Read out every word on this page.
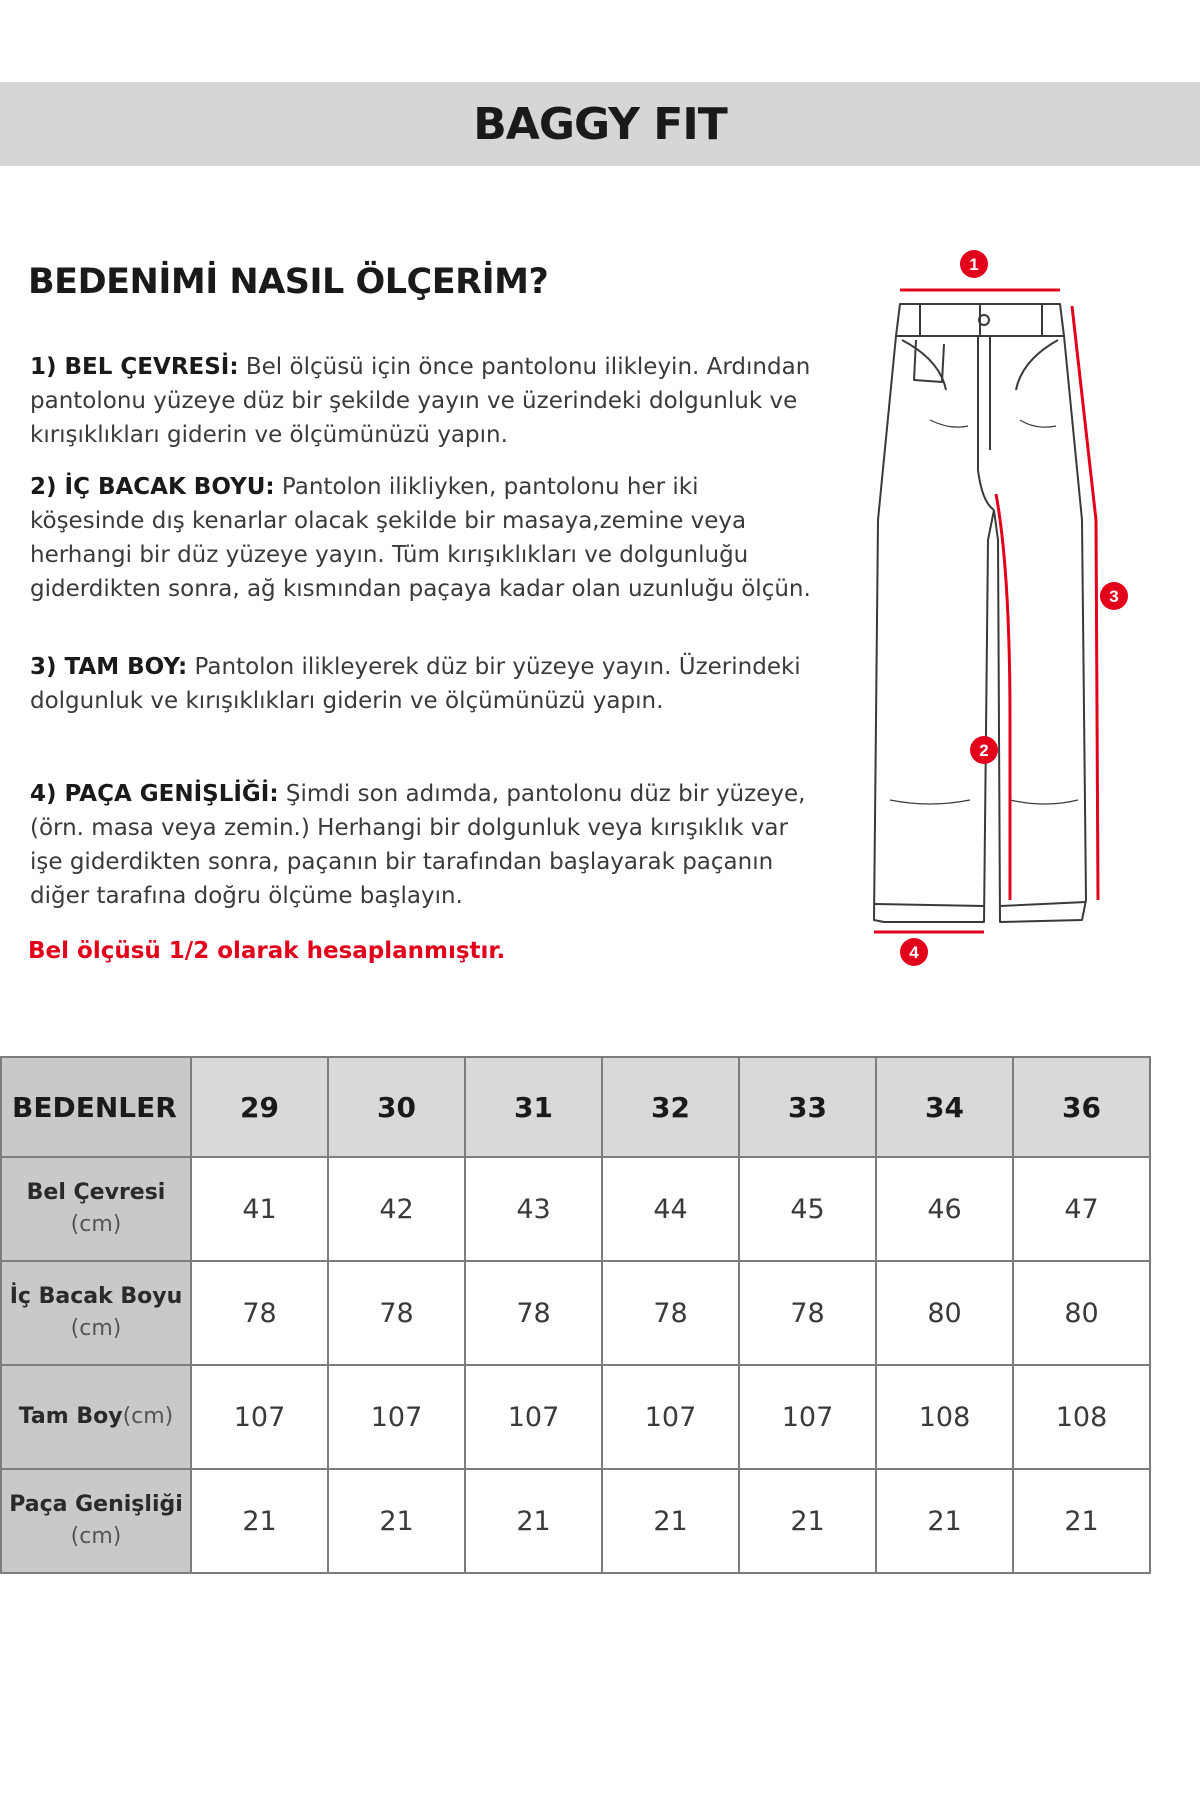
BAGGY FIT
BEDENİMİ NASIL ÖLÇERİM?

1) BEL ÇEVRESİ: Bel ölçüsü için önce pantolonu ilikleyin. Ardından pantolonu yüzeye düz bir şekilde yayın ve üzerindeki dolgunluk ve kırışıklıkları giderin ve ölçümünüzü yapın.

2) İÇ BACAK BOYU: Pantolon ilikliyken, pantolonu her iki köşesinde dış kenarlar olacak şekilde bir masaya,zemine veya herhangi bir düz yüzeye yayın. Tüm kırışıklıkları ve dolgunluğu giderdikten sonra, ağ kısmından paçaya kadar olan uzunluğu ölçün.

3) TAM BOY: Pantolon ilikleyerek düz bir yüzeye yayın. Üzerindeki dolgunluk ve kırışıklıkları giderin ve ölçümünüzü yapın.

4) PAÇA GENİŞLİĞİ: Şimdi son adımda, pantolonu düz bir yüzeye, (örn. masa veya zemin.) Herhangi bir dolgunluk veya kırışıklık var işe giderdikten sonra, paçanın bir tarafından başlayarak paçanın diğer tarafına doğru ölçüme başlayın.

Bel ölçüsü 1/2 olarak hesaplanmıştır.

1
2
3
4
BEDENLER	29	30	31	32	33	34	36
Bel Çevresi
(cm)	41	42	43	44	45	46	47
İç Bacak Boyu
(cm)	78	78	78	78	78	80	80
Tam Boy(cm)	107	107	107	107	107	108	108
Paça Genişliği
(cm)	21	21	21	21	21	21	21
